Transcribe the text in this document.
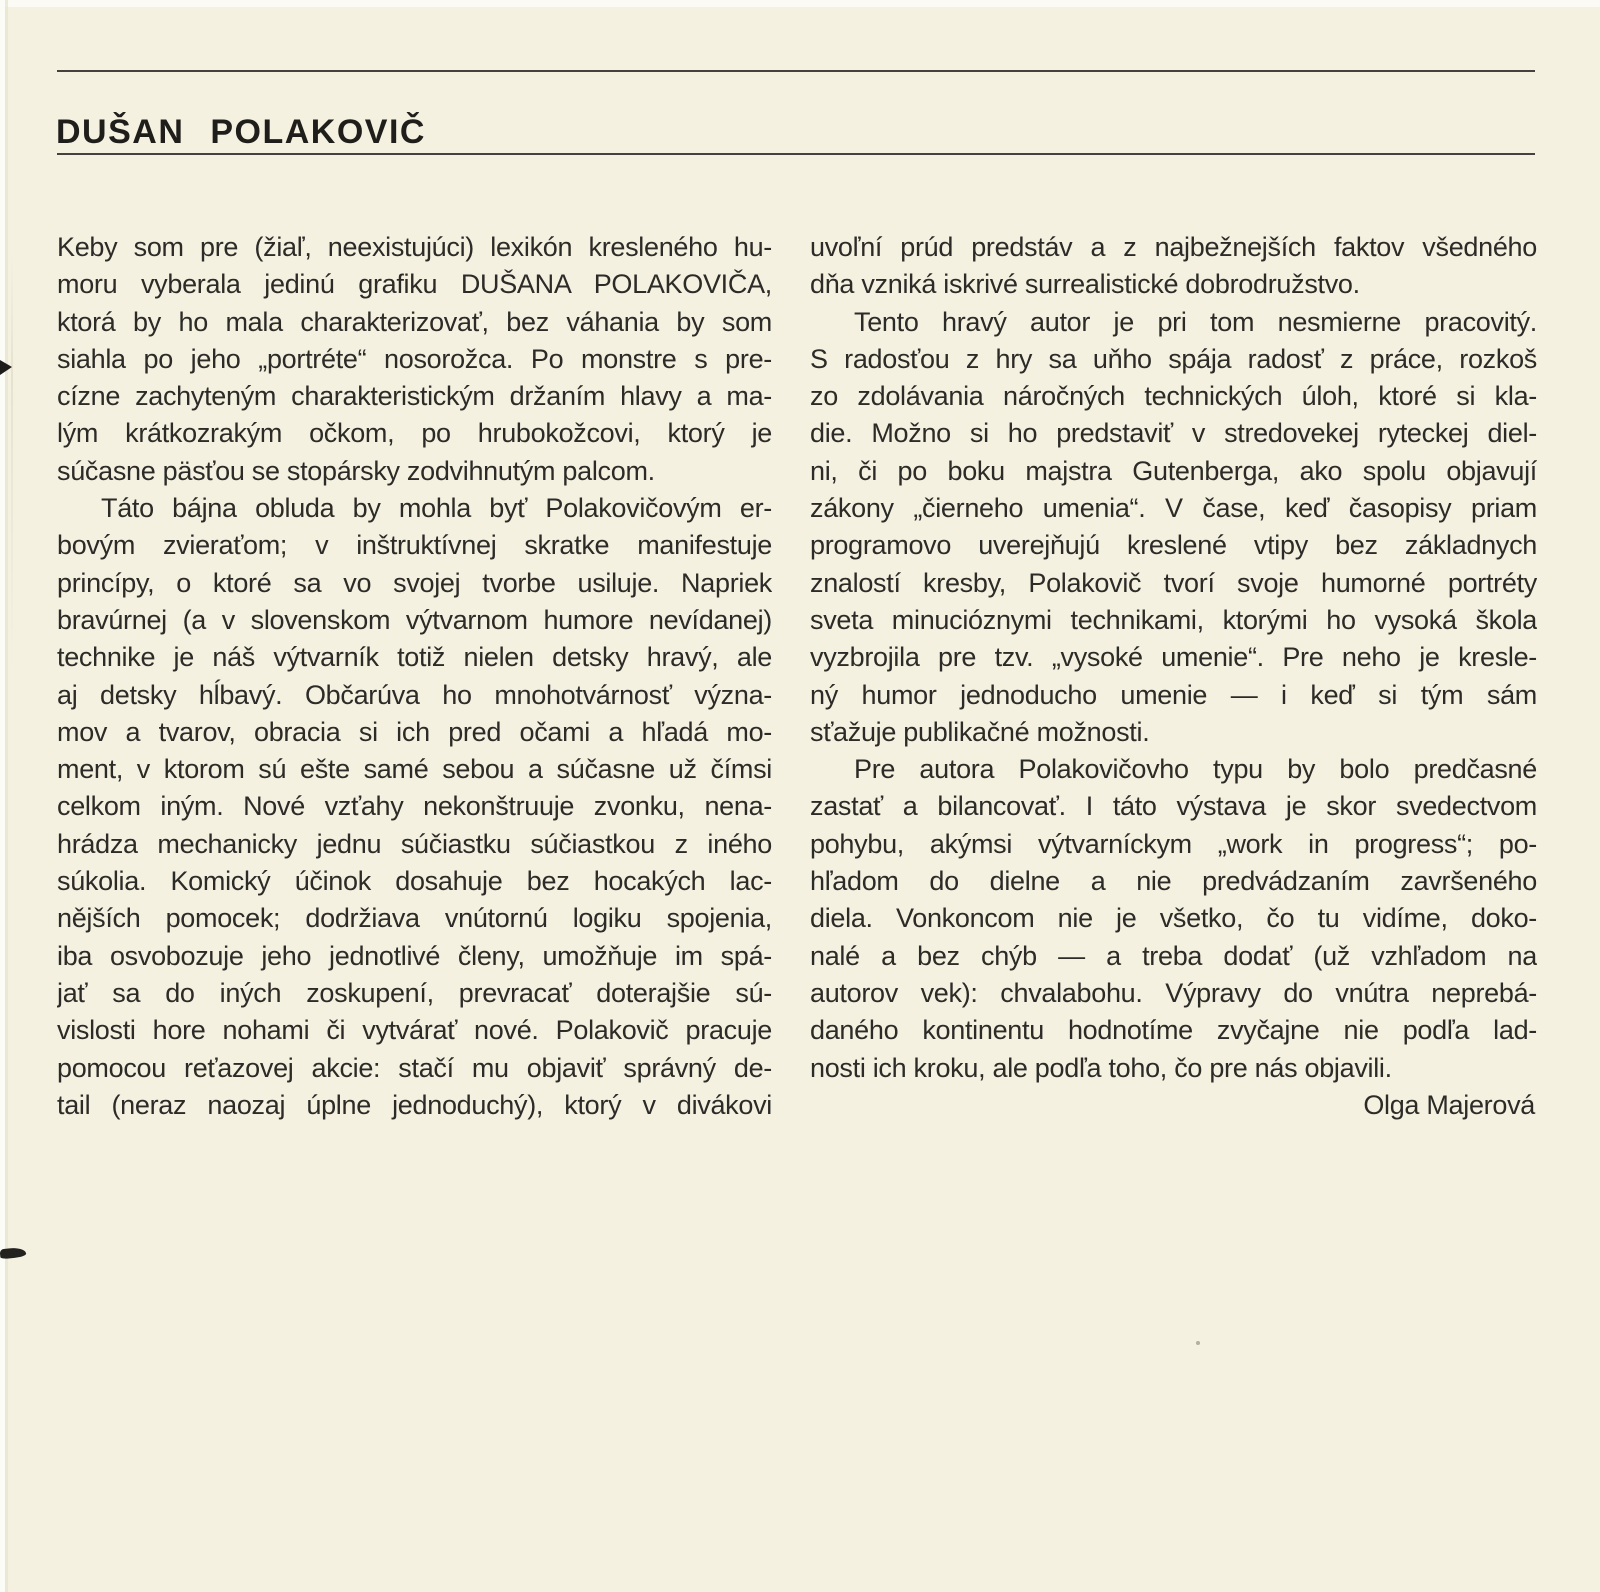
DUŠAN POLAKOVIČ
Keby som pre (žiaľ, neexistujúci) lexikón kresleného hu-
moru vyberala jedinú grafiku DUŠANA POLAKOVIČA,
ktorá by ho mala charakterizovať, bez váhania by som
siahla po jeho „portréte“ nosorožca. Po monstre s pre-
cízne zachyteným charakteristickým držaním hlavy a ma-
lým krátkozrakým očkom, po hrubokožcovi, ktorý je
súčasne päsťou se stopársky zodvihnutým palcom.
Táto bájna obluda by mohla byť Polakovičovým er-
bovým zvieraťom; v inštruktívnej skratke manifestuje
princípy, o ktoré sa vo svojej tvorbe usiluje. Napriek
bravúrnej (a v slovenskom výtvarnom humore nevídanej)
technike je náš výtvarník totiž nielen detsky hravý, ale
aj detsky hĺbavý. Občarúva ho mnohotvárnosť význa-
mov a tvarov, obracia si ich pred očami a hľadá mo-
ment, v ktorom sú ešte samé sebou a súčasne už čímsi
celkom iným. Nové vzťahy nekonštruuje zvonku, nena-
hrádza mechanicky jednu súčiastku súčiastkou z iného
súkolia. Komický účinok dosahuje bez hocakých lac-
nějších pomocek; dodržiava vnútornú logiku spojenia,
iba osvobozuje jeho jednotlivé členy, umožňuje im spá-
jať sa do iných zoskupení, prevracať doterajšie sú-
vislosti hore nohami či vytvárať nové. Polakovič pracuje
pomocou reťazovej akcie: stačí mu objaviť správný de-
tail (neraz naozaj úplne jednoduchý), ktorý v divákovi
uvoľní prúd predstáv a z najbežnejších faktov všedného
dňa vzniká iskrivé surrealistické dobrodružstvo.
Tento hravý autor je pri tom nesmierne pracovitý.
S radosťou z hry sa uňho spája radosť z práce, rozkoš
zo zdolávania náročných technických úloh, ktoré si kla-
die. Možno si ho predstaviť v stredovekej ryteckej diel-
ni, či po boku majstra Gutenberga, ako spolu objavují
zákony „čierneho umenia“. V čase, keď časopisy priam
programovo uverejňujú kreslené vtipy bez základnych
znalostí kresby, Polakovič tvorí svoje humorné portréty
sveta minucióznymi technikami, ktorými ho vysoká škola
vyzbrojila pre tzv. „vysoké umenie“. Pre neho je kresle-
ný humor jednoducho umenie — i keď si tým sám
sťažuje publikačné možnosti.
Pre autora Polakovičovho typu by bolo predčasné
zastať a bilancovať. I táto výstava je skor svedectvom
pohybu, akýmsi výtvarníckym „work in progress“; po-
hľadom do dielne a nie predvádzaním završeného
diela. Vonkoncom nie je všetko, čo tu vidíme, doko-
nalé a bez chýb — a treba dodať (už vzhľadom na
autorov vek): chvalabohu. Výpravy do vnútra neprebá-
daného kontinentu hodnotíme zvyčajne nie podľa lad-
nosti ich kroku, ale podľa toho, čo pre nás objavili.
Olga Majerová
